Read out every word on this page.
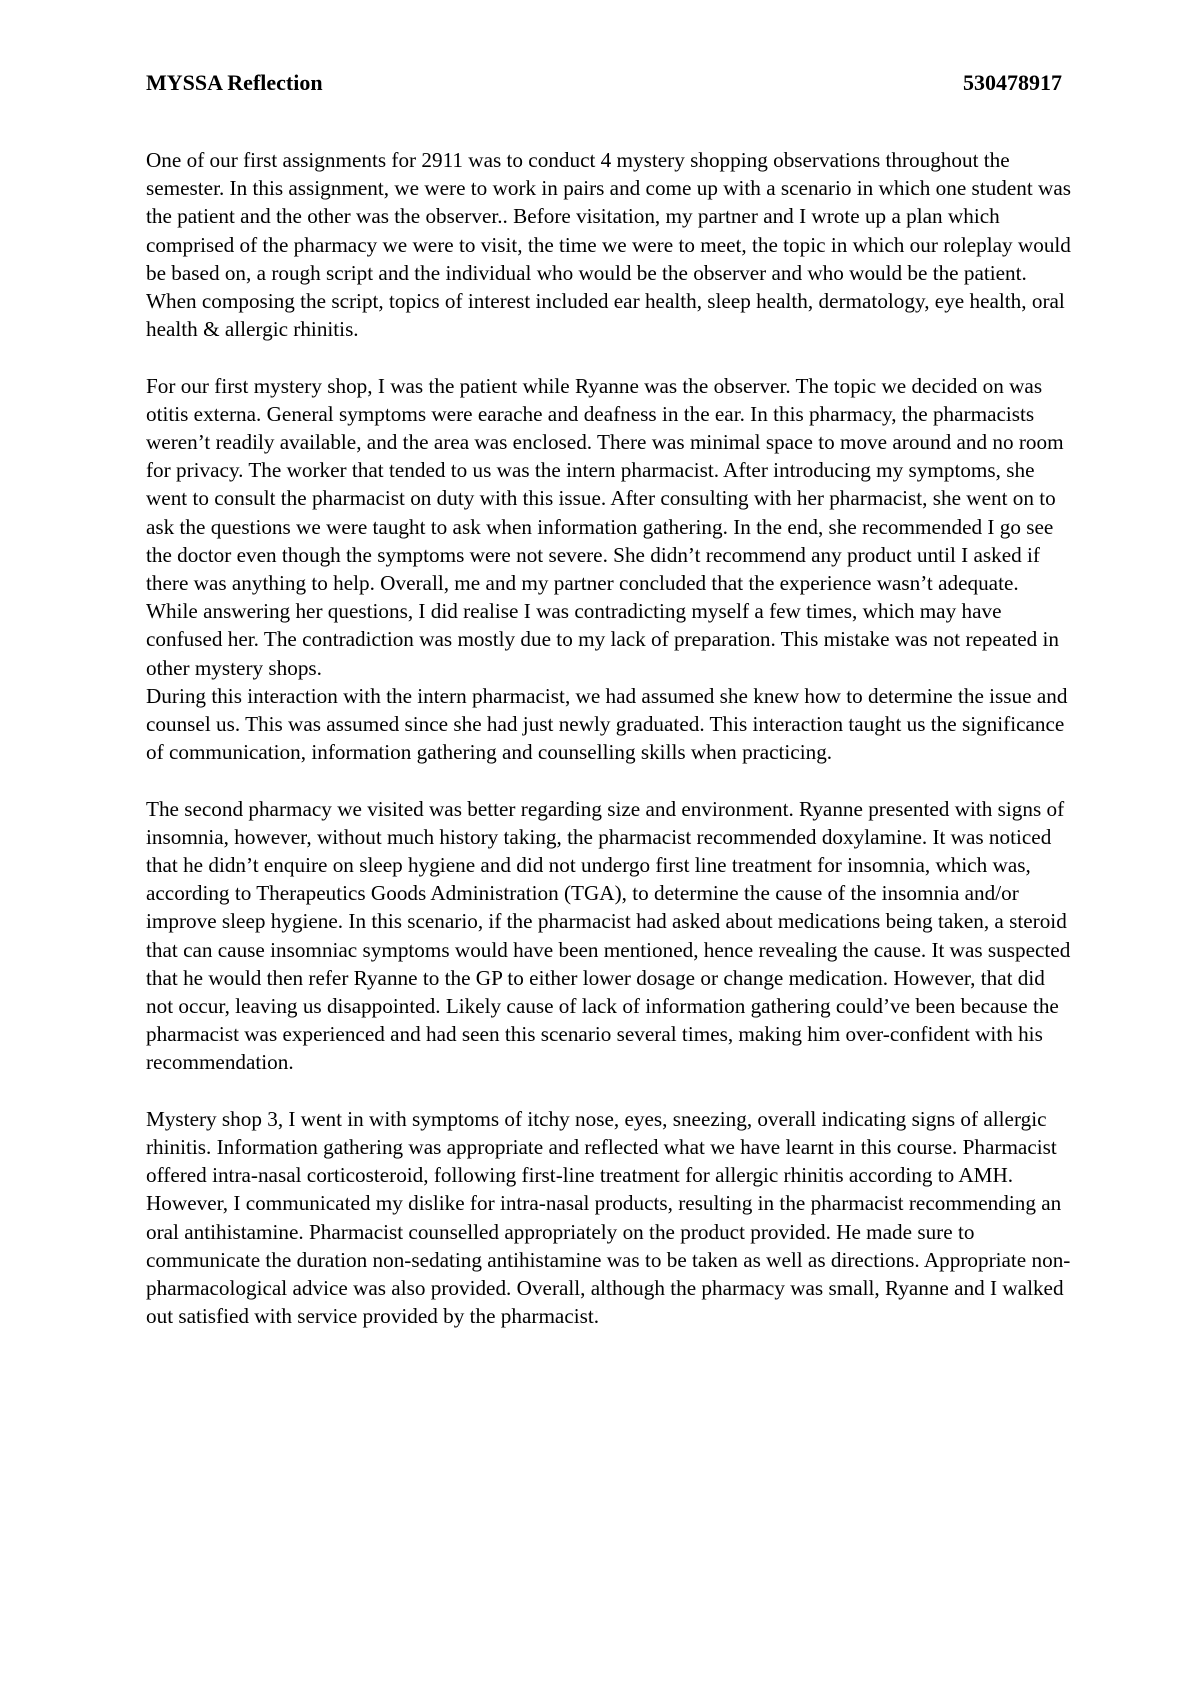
MYSSA Reflection	530478917

One of our first assignments for 2911 was to conduct 4 mystery shopping observations throughout the semester. In this assignment, we were to work in pairs and come up with a scenario in which one student was the patient and the other was the observer.. Before visitation, my partner and I wrote up a plan which comprised of the pharmacy we were to visit, the time we were to meet, the topic in which our roleplay would be based on, a rough script and the individual who would be the observer and who would be the patient. When composing the script, topics of interest included ear health, sleep health, dermatology, eye health, oral health & allergic rhinitis.

For our first mystery shop, I was the patient while Ryanne was the observer. The topic we decided on was otitis externa. General symptoms were earache and deafness in the ear. In this pharmacy, the pharmacists weren’t readily available, and the area was enclosed. There was minimal space to move around and no room for privacy. The worker that tended to us was the intern pharmacist. After introducing my symptoms, she went to consult the pharmacist on duty with this issue. After consulting with her pharmacist, she went on to ask the questions we were taught to ask when information gathering. In the end, she recommended I go see the doctor even though the symptoms were not severe. She didn’t recommend any product until I asked if there was anything to help. Overall, me and my partner concluded that the experience wasn’t adequate.

While answering her questions, I did realise I was contradicting myself a few times, which may have confused her. The contradiction was mostly due to my lack of preparation. This mistake was not repeated in other mystery shops.

During this interaction with the intern pharmacist, we had assumed she knew how to determine the issue and counsel us. This was assumed since she had just newly graduated. This interaction taught us the significance of communication, information gathering and counselling skills when practicing.

The second pharmacy we visited was better regarding size and environment. Ryanne presented with signs of insomnia, however, without much history taking, the pharmacist recommended doxylamine. It was noticed that he didn’t enquire on sleep hygiene and did not undergo first line treatment for insomnia, which was, according to Therapeutics Goods Administration (TGA), to determine the cause of the insomnia and/or improve sleep hygiene. In this scenario, if the pharmacist had asked about medications being taken, a steroid that can cause insomniac symptoms would have been mentioned, hence revealing the cause. It was suspected that he would then refer Ryanne to the GP to either lower dosage or change medication. However, that did not occur, leaving us disappointed. Likely cause of lack of information gathering could’ve been because the pharmacist was experienced and had seen this scenario several times, making him over-confident with his recommendation.

Mystery shop 3, I went in with symptoms of itchy nose, eyes, sneezing, overall indicating signs of allergic rhinitis. Information gathering was appropriate and reflected what we have learnt in this course. Pharmacist offered intra-nasal corticosteroid, following first-line treatment for allergic rhinitis according to AMH. However, I communicated my dislike for intra-nasal products, resulting in the pharmacist recommending an oral antihistamine. Pharmacist counselled appropriately on the product provided. He made sure to communicate the duration non-sedating antihistamine was to be taken as well as directions. Appropriate non-pharmacological advice was also provided. Overall, although the pharmacy was small, Ryanne and I walked out satisfied with service provided by the pharmacist.
